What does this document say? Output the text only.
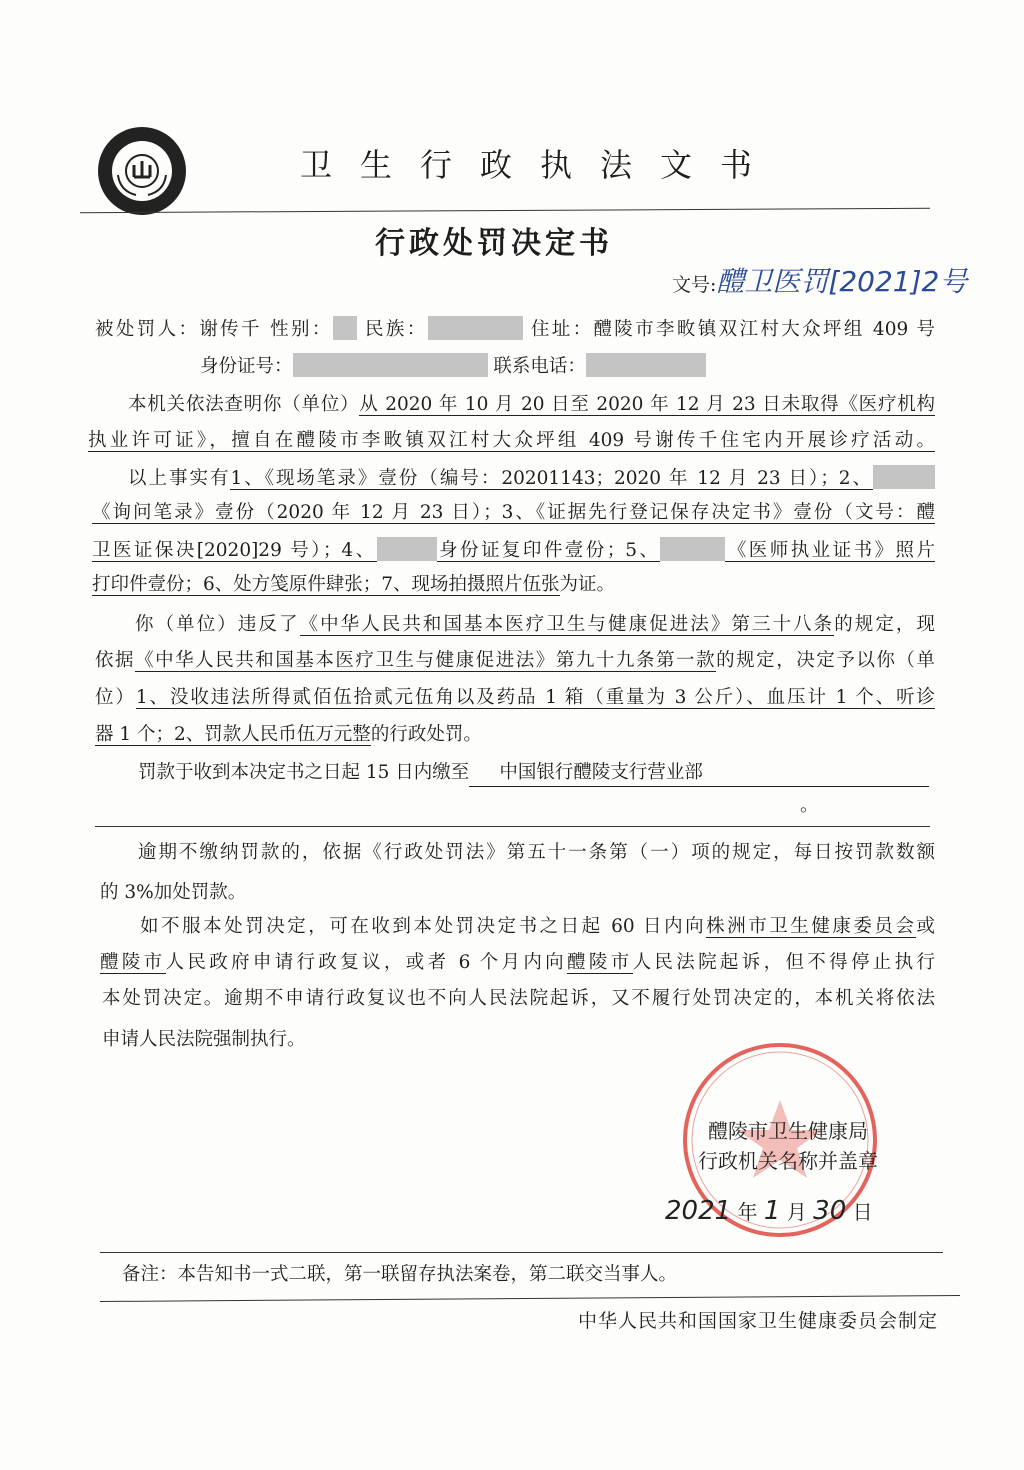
卫生行政执法文书
行政处罚决定书
文号:醴卫医罚[2021]2号
被处罚人：谢传千 性别： 民族：	住址：醴陵市李畋镇双江村大众坪组 409 号
身份证号：	联系电话：
本机关依法查明你（单位）从 2020 年 10 月 20 日至 2020 年 12 月 23 日未取得《医疗机构
执业许可证》，擅自在醴陵市李畋镇双江村大众坪组 409 号谢传千住宅内开展诊疗活动。
以上事实有1、《现场笔录》壹份（编号：20201143；2020 年 12 月 23 日）；2、
《询问笔录》壹份（2020 年 12 月 23 日）；3、《证据先行登记保存决定书》壹份（文号：醴
卫医证保决[2020]29 号）；4、	身份证复印件壹份；5、	《医师执业证书》照片
打印件壹份；6、处方笺原件肆张；7、现场拍摄照片伍张为证。
你（单位）违反了《中华人民共和国基本医疗卫生与健康促进法》第三十八条的规定，现
依据《中华人民共和国基本医疗卫生与健康促进法》第九十九条第一款的规定，决定予以你（单
位）1、没收违法所得贰佰伍拾贰元伍角以及药品 1 箱（重量为 3 公斤）、血压计 1 个、听诊
器 1 个；2、罚款人民币伍万元整的行政处罚。
罚款于收到本决定书之日起 15 日内缴至 中国银行醴陵支行营业部
。
逾期不缴纳罚款的，依据《行政处罚法》第五十一条第（一）项的规定，每日按罚款数额
的 3%加处罚款。
如不服本处罚决定，可在收到本处罚决定书之日起 60 日内向株洲市卫生健康委员会或
醴陵市人民政府申请行政复议，或者 6 个月内向醴陵市人民法院起诉，但不得停止执行
本处罚决定。逾期不申请行政复议也不向人民法院起诉，又不履行处罚决定的，本机关将依法
申请人民法院强制执行。
醴陵市卫生健康局
行政机关名称并盖章
2021 年 1 月 30 日
备注：本告知书一式二联，第一联留存执法案卷，第二联交当事人。
中华人民共和国国家卫生健康委员会制定
